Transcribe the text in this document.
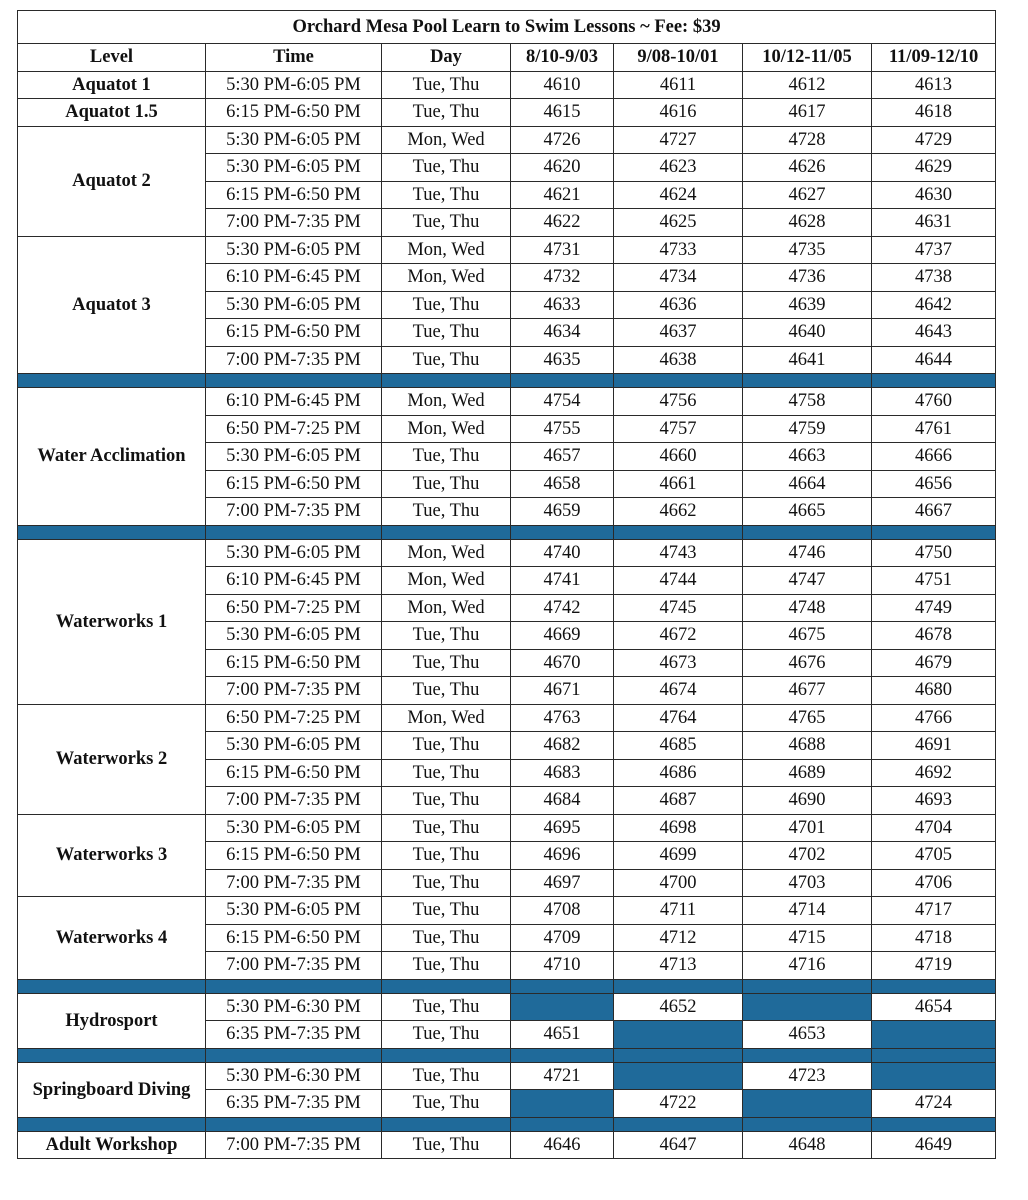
Orchard Mesa Pool Learn to Swim Lessons ~ Fee: $39						
Level	Time	Day	8/10-9/03	9/08-10/01	10/12-11/05	11/09-12/10
Aquatot 1	5:30 PM-6:05 PM	Tue, Thu	4610	4611	4612	4613
Aquatot 1.5	6:15 PM-6:50 PM	Tue, Thu	4615	4616	4617	4618
Aquatot 2	5:30 PM-6:05 PM	Mon, Wed	4726	4727	4728	4729
	5:30 PM-6:05 PM	Tue, Thu	4620	4623	4626	4629
	6:15 PM-6:50 PM	Tue, Thu	4621	4624	4627	4630
	7:00 PM-7:35 PM	Tue, Thu	4622	4625	4628	4631
Aquatot 3	5:30 PM-6:05 PM	Mon, Wed	4731	4733	4735	4737
	6:10 PM-6:45 PM	Mon, Wed	4732	4734	4736	4738
	5:30 PM-6:05 PM	Tue, Thu	4633	4636	4639	4642
	6:15 PM-6:50 PM	Tue, Thu	4634	4637	4640	4643
	7:00 PM-7:35 PM	Tue, Thu	4635	4638	4641	4644

Water Acclimation	6:10 PM-6:45 PM	Mon, Wed	4754	4756	4758	4760
	6:50 PM-7:25 PM	Mon, Wed	4755	4757	4759	4761
	5:30 PM-6:05 PM	Tue, Thu	4657	4660	4663	4666
	6:15 PM-6:50 PM	Tue, Thu	4658	4661	4664	4656
	7:00 PM-7:35 PM	Tue, Thu	4659	4662	4665	4667

Waterworks 1	5:30 PM-6:05 PM	Mon, Wed	4740	4743	4746	4750
	6:10 PM-6:45 PM	Mon, Wed	4741	4744	4747	4751
	6:50 PM-7:25 PM	Mon, Wed	4742	4745	4748	4749
	5:30 PM-6:05 PM	Tue, Thu	4669	4672	4675	4678
	6:15 PM-6:50 PM	Tue, Thu	4670	4673	4676	4679
	7:00 PM-7:35 PM	Tue, Thu	4671	4674	4677	4680
Waterworks 2	6:50 PM-7:25 PM	Mon, Wed	4763	4764	4765	4766
	5:30 PM-6:05 PM	Tue, Thu	4682	4685	4688	4691
	6:15 PM-6:50 PM	Tue, Thu	4683	4686	4689	4692
	7:00 PM-7:35 PM	Tue, Thu	4684	4687	4690	4693
Waterworks 3	5:30 PM-6:05 PM	Tue, Thu	4695	4698	4701	4704
	6:15 PM-6:50 PM	Tue, Thu	4696	4699	4702	4705
	7:00 PM-7:35 PM	Tue, Thu	4697	4700	4703	4706
Waterworks 4	5:30 PM-6:05 PM	Tue, Thu	4708	4711	4714	4717
	6:15 PM-6:50 PM	Tue, Thu	4709	4712	4715	4718
	7:00 PM-7:35 PM	Tue, Thu	4710	4713	4716	4719

Hydrosport	5:30 PM-6:30 PM	Tue, Thu		4652		4654
	6:35 PM-7:35 PM	Tue, Thu	4651		4653	

Springboard Diving	5:30 PM-6:30 PM	Tue, Thu	4721		4723	
	6:35 PM-7:35 PM	Tue, Thu		4722		4724

Adult Workshop	7:00 PM-7:35 PM	Tue, Thu	4646	4647	4648	4649
